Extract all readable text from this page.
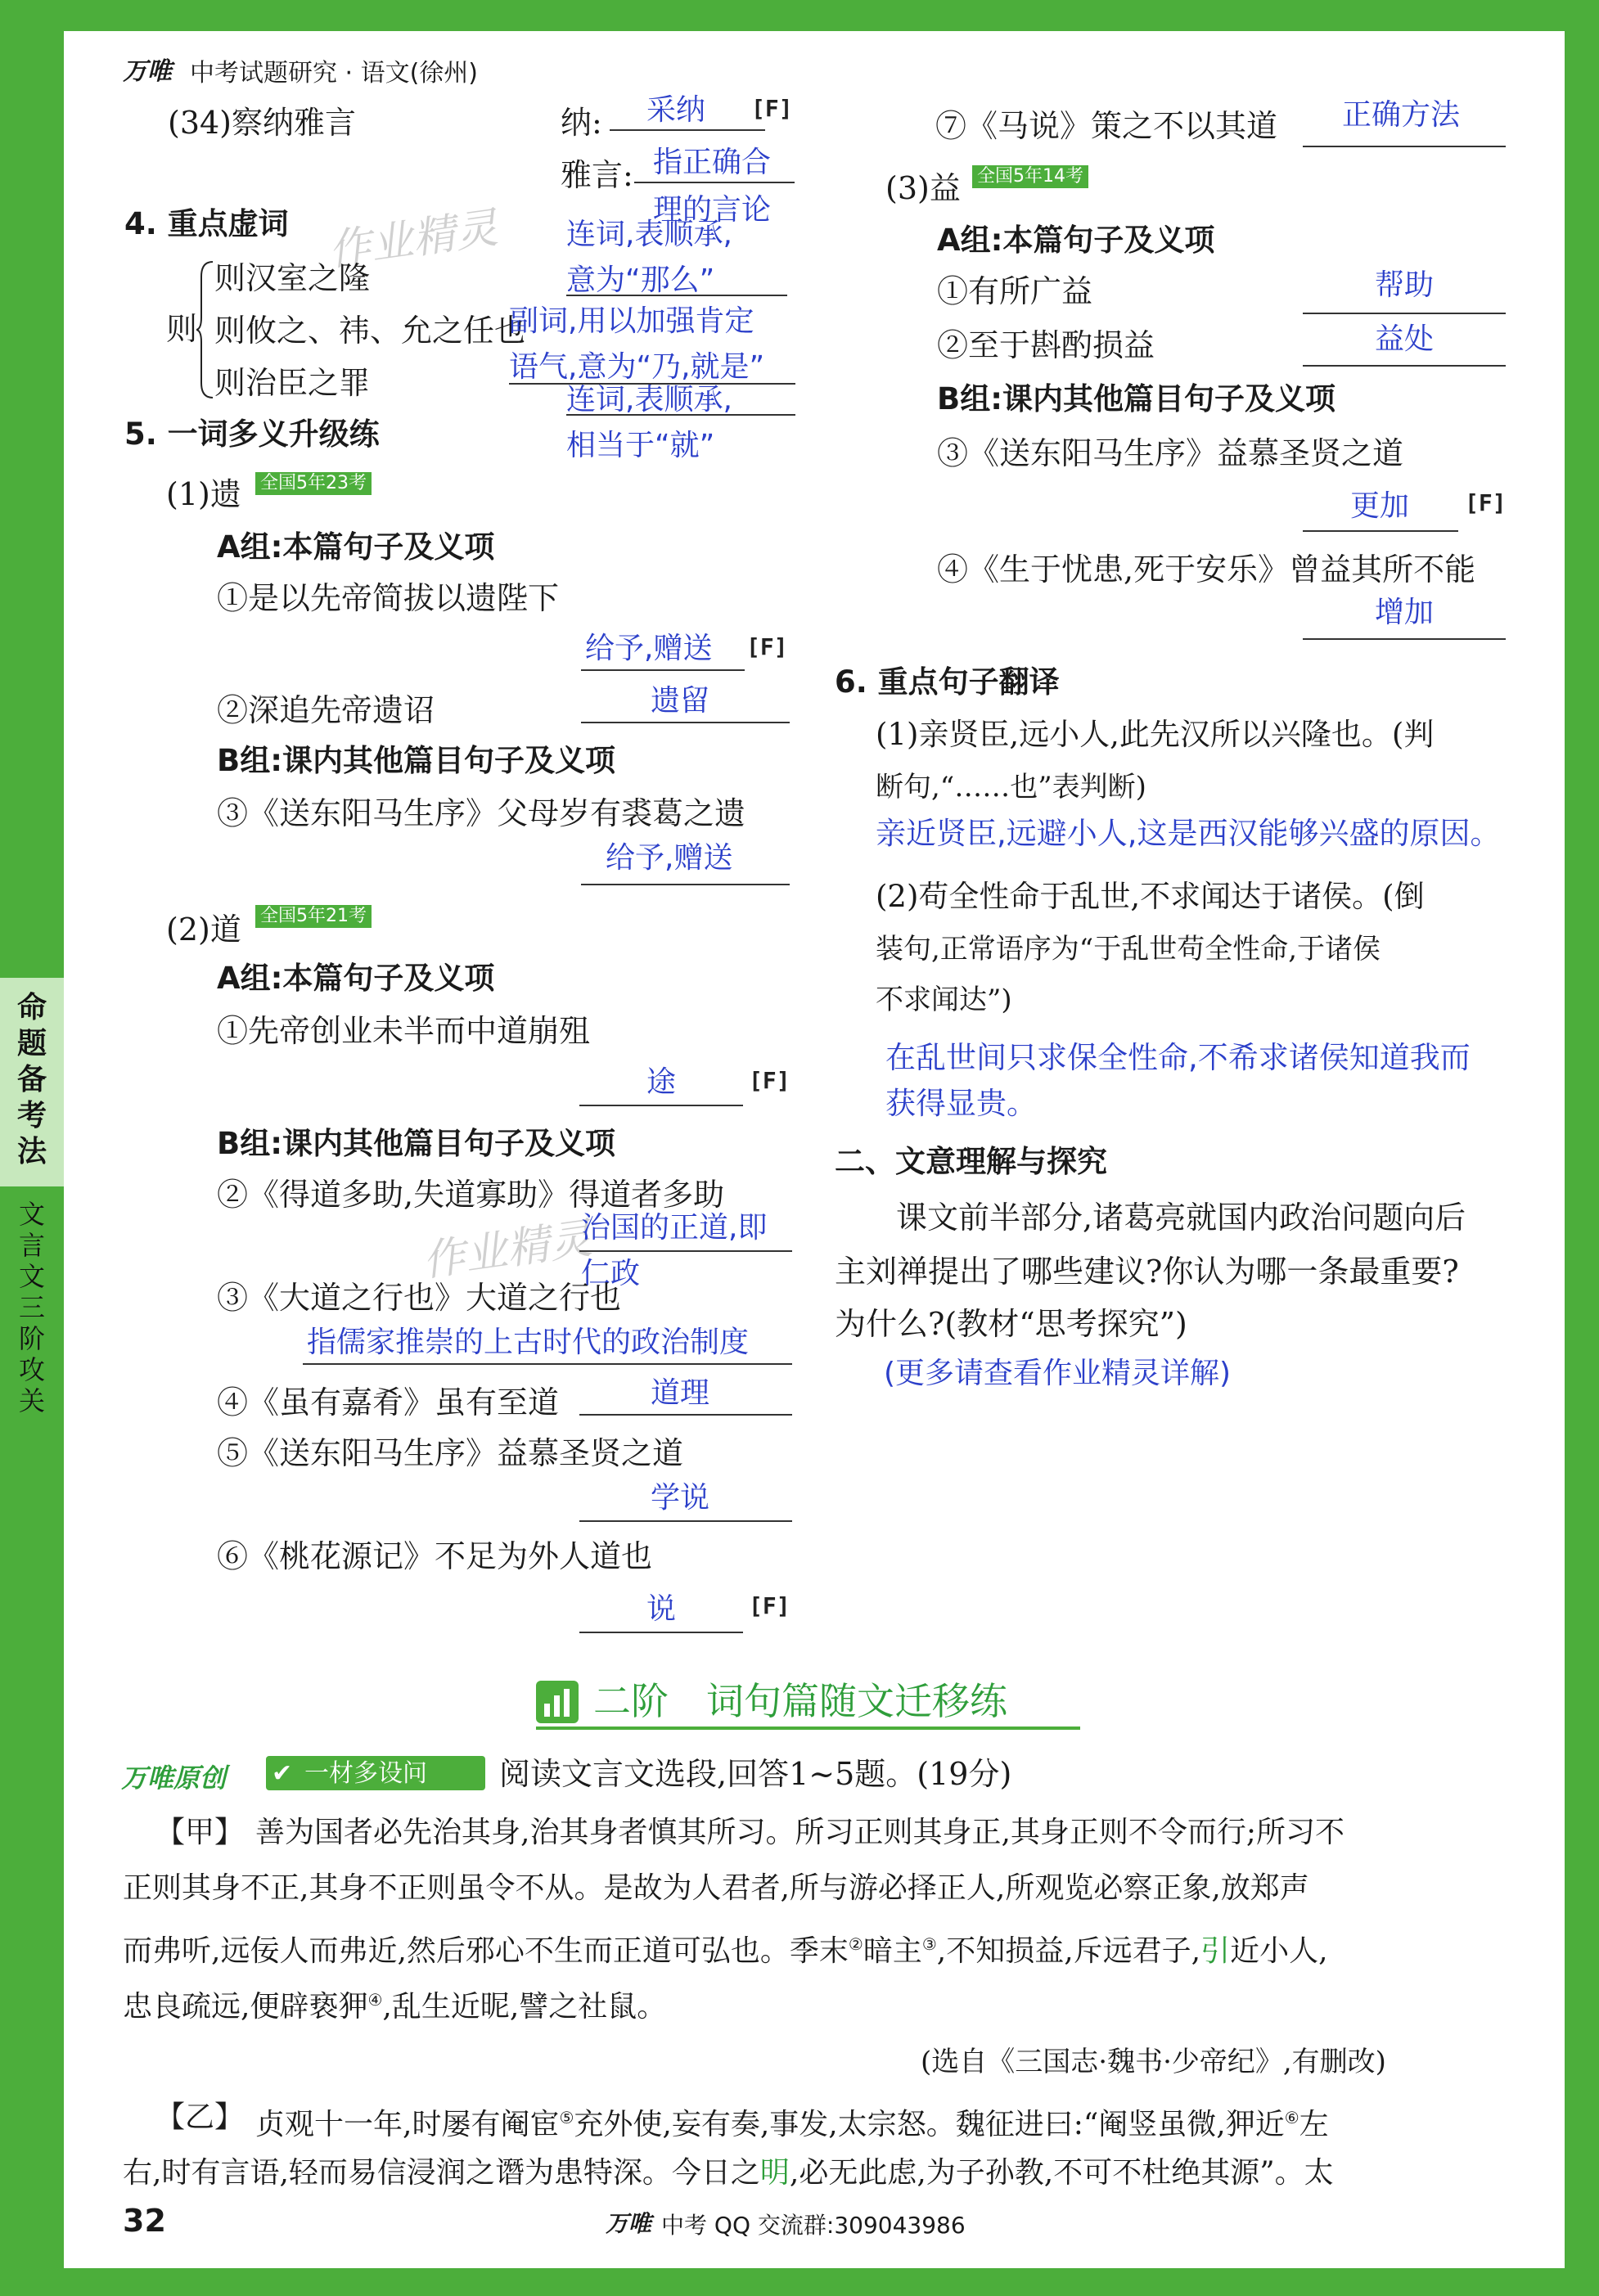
万唯 中考试题研究 · 语文(徐州)
命题备考法
文言文三阶攻关
作业精灵
作业精灵
(34)察纳雅言	纳: 采纳 [F]
雅言: 指正确合
理的言论
4. 重点虚词
则
则汉室之隆
则攸之、祎、允之任也
则治臣之罪
连词,表顺承,
意为“那么”
副词,用以加强肯定
语气,意为“乃,就是”
连词,表顺承,
相当于“就”
5. 一词多义升级练
(1)遗 全国5年23考
A组:本篇句子及义项
①是以先帝简拔以遗陛下
给予,赠送 [F]
②深追先帝遗诏	遗留
B组:课内其他篇目句子及义项
③《送东阳马生序》父母岁有裘葛之遗
给予,赠送
(2)道 全国5年21考
A组:本篇句子及义项
①先帝创业未半而中道崩殂
途	[F]
B组:课内其他篇目句子及义项
②《得道多助,失道寡助》得道者多助
治国的正道,即
仁政
③《大道之行也》大道之行也
指儒家推崇的上古时代的政治制度
④《虽有嘉肴》虽有至道	道理
⑤《送东阳马生序》益慕圣贤之道
学说
⑥《桃花源记》不足为外人道也
说	[F]
⑦《马说》策之不以其道 正确方法
(3)益 全国5年14考
A组:本篇句子及义项
①有所广益	帮助
②至于斟酌损益	益处
B组:课内其他篇目句子及义项
③《送东阳马生序》益慕圣贤之道
更加 [F]
④《生于忧患,死于安乐》曾益其所不能
增加
6. 重点句子翻译
(1)亲贤臣,远小人,此先汉所以兴隆也。(判
断句,“……也”表判断)
亲近贤臣,远避小人,这是西汉能够兴盛的原因。
(2)苟全性命于乱世,不求闻达于诸侯。(倒
装句,正常语序为“于乱世苟全性命,于诸侯
不求闻达”)
在乱世间只求保全性命,不希求诸侯知道我而
获得显贵。
二、文意理解与探究
课文前半部分,诸葛亮就国内政治问题向后
主刘禅提出了哪些建议?你认为哪一条最重要?
为什么?(教材“思考探究”)
(更多请查看作业精灵详解)
二阶　词句篇随文迁移练
万唯原创 ✔ 一材多设问 阅读文言文选段,回答1~5题。(19分)
【甲】 善为国者必先治其身,治其身者慎其所习。所习正则其身正,其身正则不令而行;所习不
正则其身不正,其身不正则虽令不从。是故为人君者,所与游必择正人,所观览必察正象,放郑声
而弗听,远佞人而弗近,然后邪心不生而正道可弘也。季末②暗主③,不知损益,斥远君子,引近小人,
忠良疏远,便辟亵狎④,乱生近昵,譬之社鼠。
(选自《三国志·魏书·少帝纪》,有删改)
【乙】 贞观十一年,时屡有阉宦⑤充外使,妄有奏,事发,太宗怒。魏征进曰:“阉竖虽微,狎近⑥左
右,时有言语,轻而易信浸润之谮为患特深。今日之明,必无此虑,为子孙教,不可不杜绝其源”。太
32	万唯 中考 QQ 交流群:309043986
